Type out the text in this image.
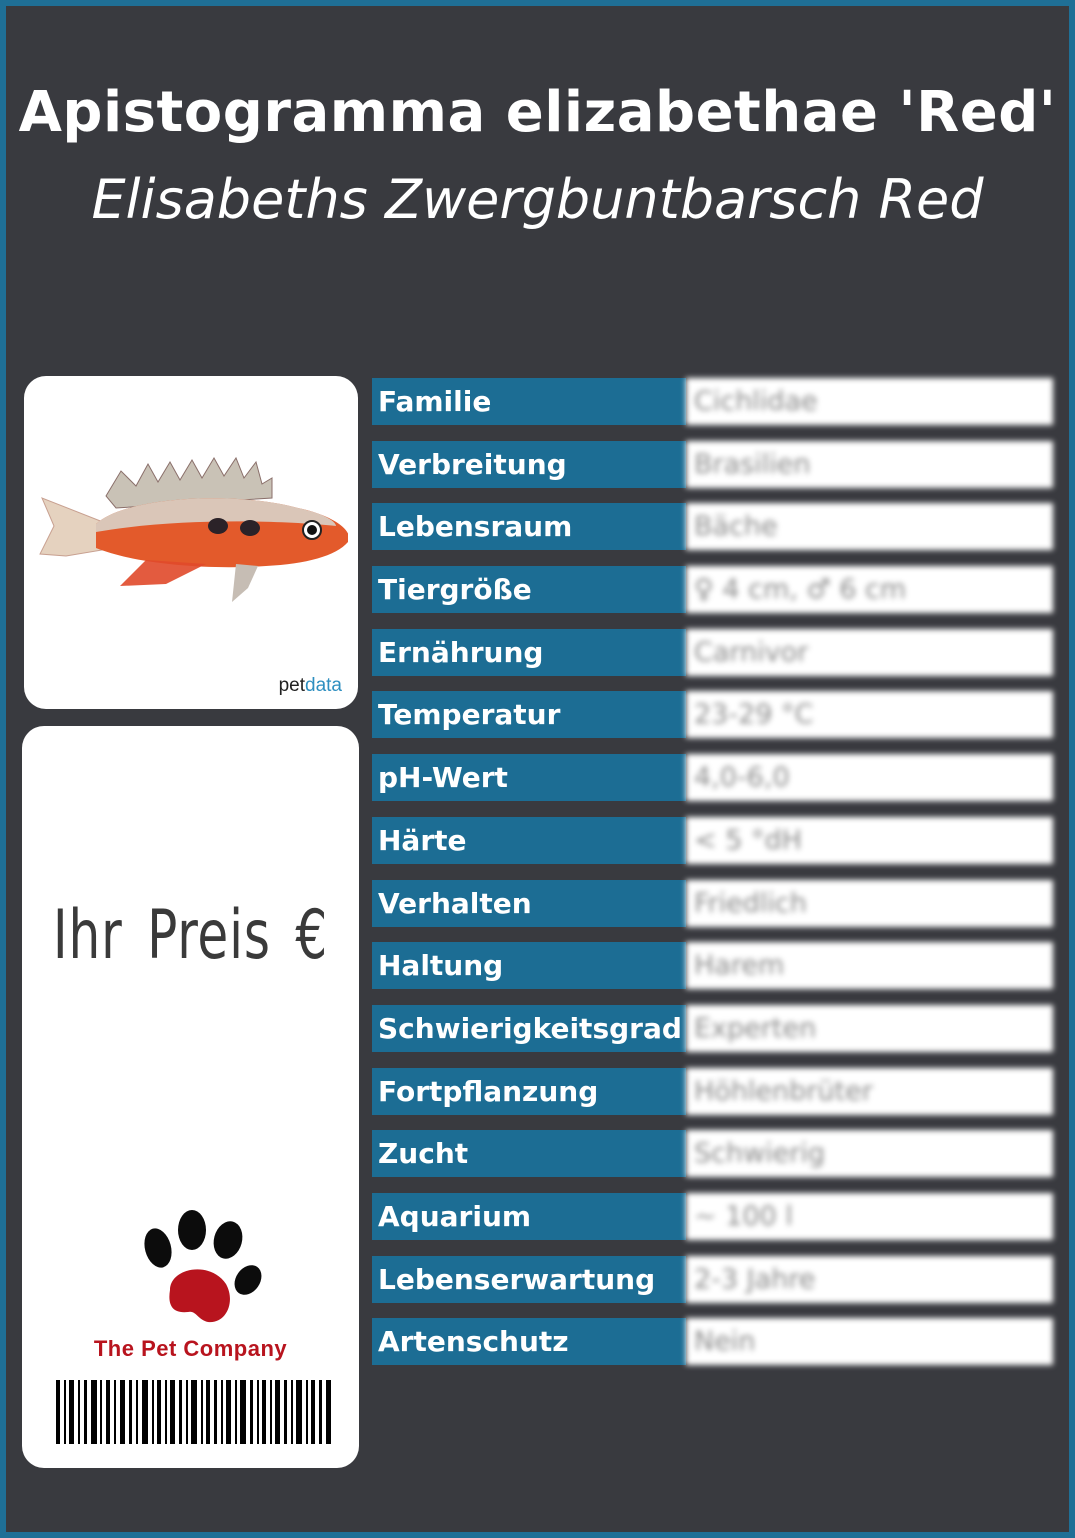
Apistogramma elizabethae 'Red'
Elisabeths Zwergbuntbarsch Red
petdata
Ihr Preis €
The Pet Company
Familie	Cichlidae
Verbreitung	Brasilien
Lebensraum	Bäche
Tiergröße	♀ 4 cm, ♂ 6 cm
Ernährung	Carnivor
Temperatur	23-29 °C
pH-Wert	4,0-6,0
Härte	< 5 °dH
Verhalten	Friedlich
Haltung	Harem
Schwierigkeitsgrad Experten
Fortpflanzung	Höhlenbrüter
Zucht	Schwierig
Aquarium	~ 100 l
Lebenserwartung	2-3 Jahre
Artenschutz	Nein
